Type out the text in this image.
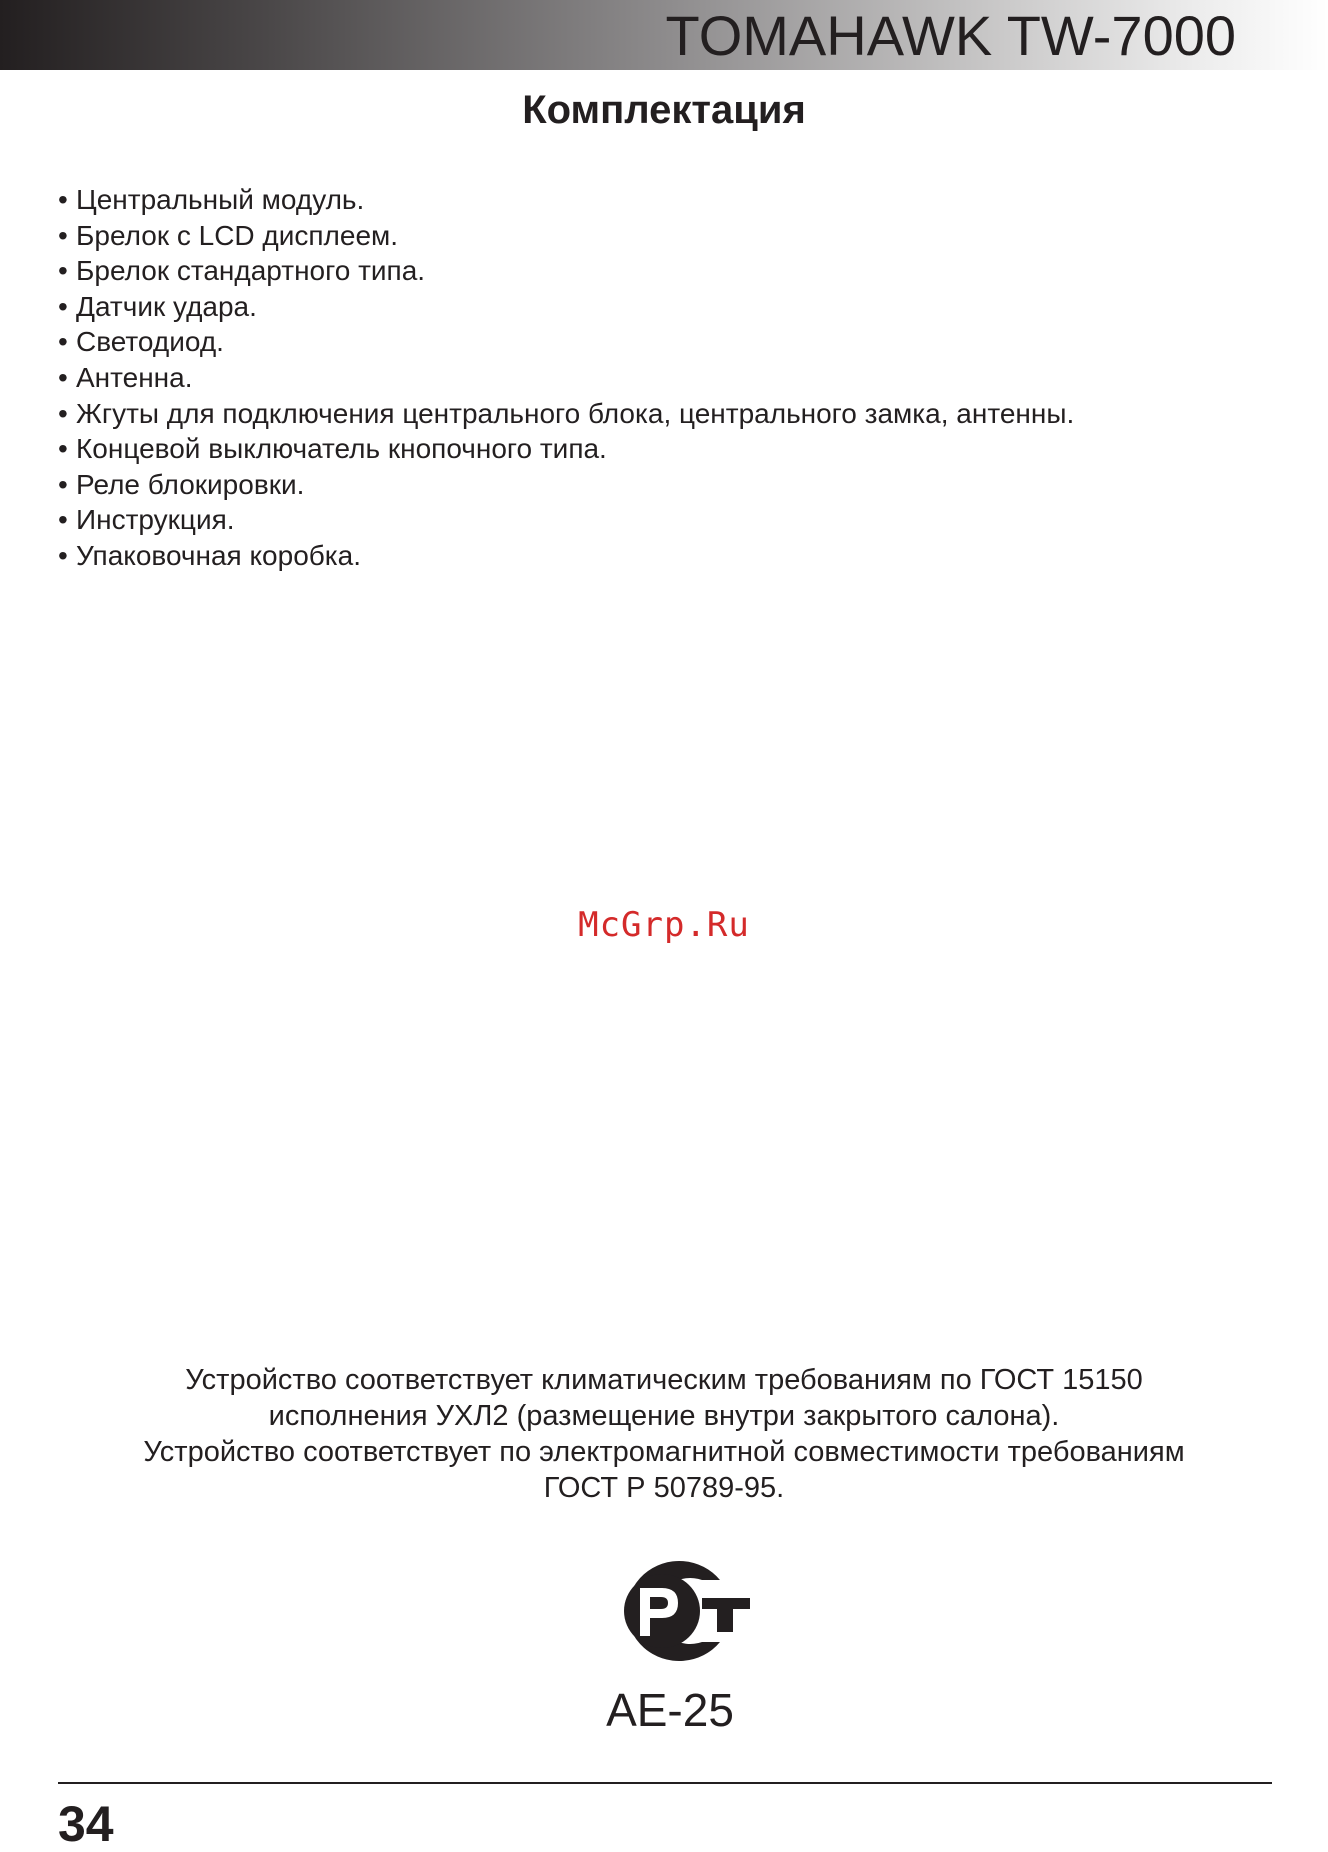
TOMAHAWK TW-7000
Комплектация
• Центральный модуль.
• Брелок с LCD дисплеем.
• Брелок стандартного типа.
• Датчик удара.
• Светодиод.
• Антенна.
• Жгуты для подключения центрального блока, центрального замка, антенны.
• Концевой выключатель кнопочного типа.
• Реле блокировки.
• Инструкция.
• Упаковочная коробка.
McGrp.Ru
Устройство соответствует климатическим требованиям по ГОСТ 15150
исполнения УХЛ2 (размещение внутри закрытого салона).
Устройство соответствует по электромагнитной совместимости требованиям
ГОСТ Р 50789-95.
AE-25
34
